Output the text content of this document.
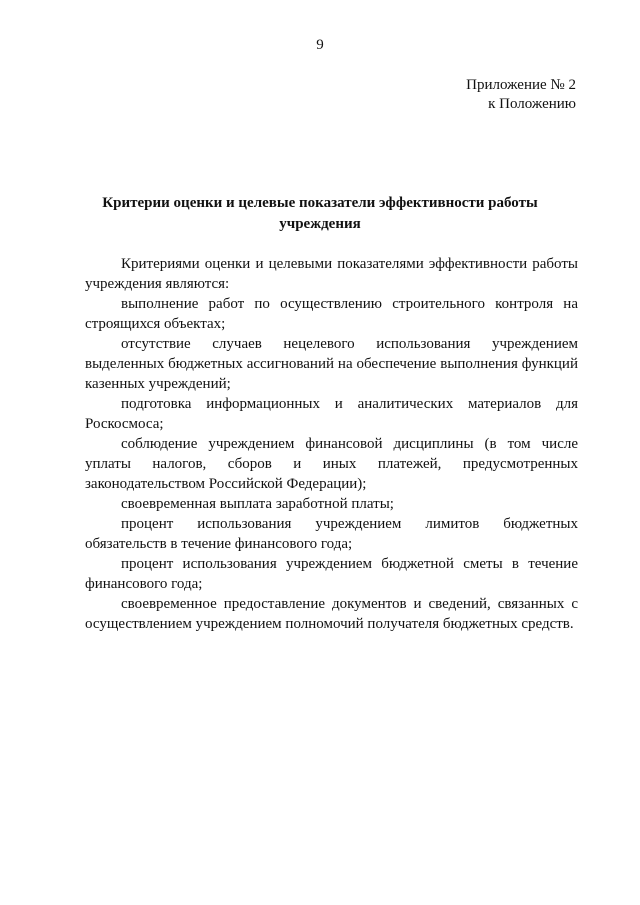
9
Приложение № 2
к Положению
Критерии оценки и целевые показатели эффективности работы
учреждения

Критериями оценки и целевыми показателями эффективности работы учреждения являются:

выполнение работ по осуществлению строительного контроля на строящихся объектах;

отсутствие случаев нецелевого использования учреждением выделенных бюджетных ассигнований на обеспечение выполнения функций казенных учреждений;

подготовка информационных и аналитических материалов для Роскосмоса;

соблюдение учреждением финансовой дисциплины (в том числе уплаты налогов, сборов и иных платежей, предусмотренных законодательством Российской Федерации);

своевременная выплата заработной платы;

процент использования учреждением лимитов бюджетных обязательств в течение финансового года;

процент использования учреждением бюджетной сметы в течение финансового года;

своевременное предоставление документов и сведений, связанных с осуществлением учреждением полномочий получателя бюджетных средств.
